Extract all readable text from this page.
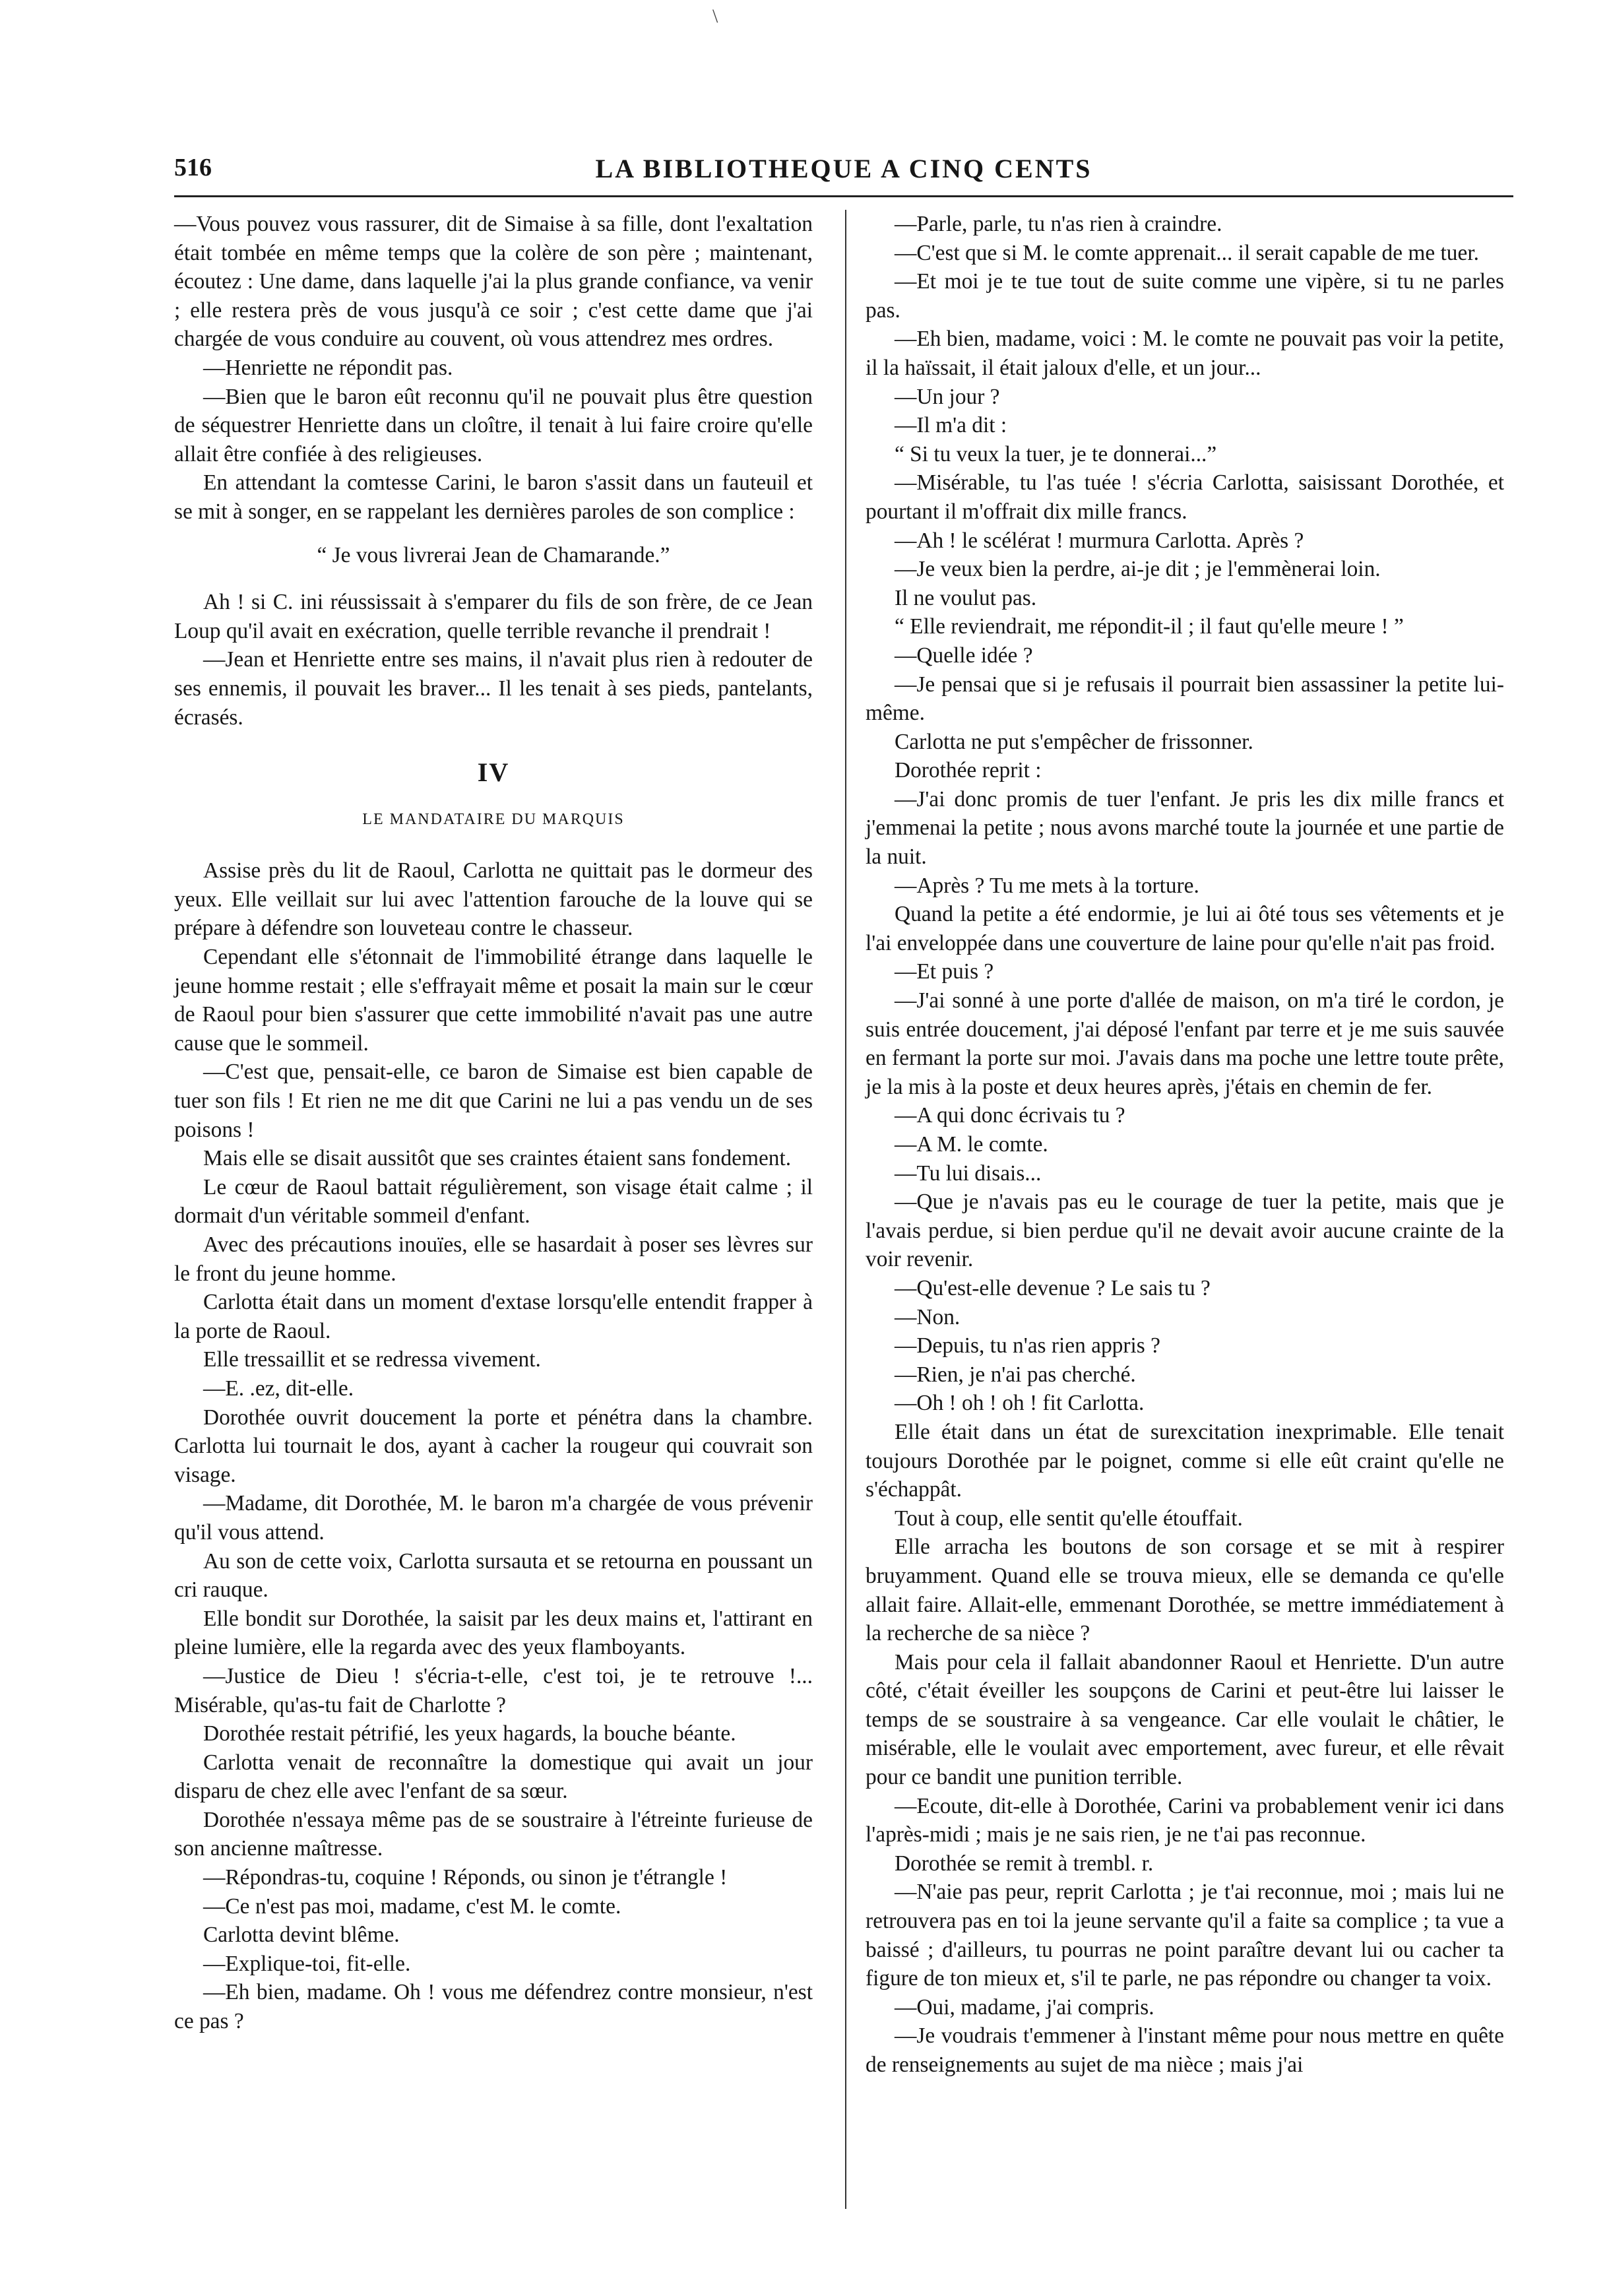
516	LA BIBLIOTHEQUE A CINQ CENTS

—Vous pouvez vous rassurer, dit de Simaise à sa fille, dont l'exaltation était tombée en même temps que la colère de son père ; maintenant, écoutez : Une dame, dans laquelle j'ai la plus grande confiance, va venir ; elle restera près de vous jusqu'à ce soir ; c'est cette dame que j'ai chargée de vous conduire au couvent, où vous attendrez mes ordres.

—Henriette ne répondit pas.

—Bien que le baron eût reconnu qu'il ne pouvait plus être question de séquestrer Henriette dans un cloître, il tenait à lui faire croire qu'elle allait être confiée à des religieuses.

En attendant la comtesse Carini, le baron s'assit dans un fauteuil et se mit à songer, en se rappelant les dernières paroles de son complice :

“ Je vous livrerai Jean de Chamarande.”

Ah ! si C. ini réussissait à s'emparer du fils de son frère, de ce Jean Loup qu'il avait en exécration, quelle terrible revanche il prendrait !

—Jean et Henriette entre ses mains, il n'avait plus rien à redouter de ses ennemis, il pouvait les braver... Il les tenait à ses pieds, pantelants, écrasés.

IV
LE MANDATAIRE DU MARQUIS

Assise près du lit de Raoul, Carlotta ne quittait pas le dormeur des yeux. Elle veillait sur lui avec l'attention farouche de la louve qui se prépare à défendre son louveteau contre le chasseur.

Cependant elle s'étonnait de l'immobilité étrange dans laquelle le jeune homme restait ; elle s'effrayait même et posait la main sur le cœur de Raoul pour bien s'assurer que cette immobilité n'avait pas une autre cause que le sommeil.

—C'est que, pensait-elle, ce baron de Simaise est bien capable de tuer son fils ! Et rien ne me dit que Carini ne lui a pas vendu un de ses poisons !

Mais elle se disait aussitôt que ses craintes étaient sans fondement.

Le cœur de Raoul battait régulièrement, son visage était calme ; il dormait d'un véritable sommeil d'enfant.

Avec des précautions inouïes, elle se hasardait à poser ses lèvres sur le front du jeune homme.

Carlotta était dans un moment d'extase lorsqu'elle entendit frapper à la porte de Raoul.

Elle tressaillit et se redressa vivement.

—E. .ez, dit-elle.

Dorothée ouvrit doucement la porte et pénétra dans la chambre. Carlotta lui tournait le dos, ayant à cacher la rougeur qui couvrait son visage.

—Madame, dit Dorothée, M. le baron m'a chargée de vous prévenir qu'il vous attend.

Au son de cette voix, Carlotta sursauta et se retourna en poussant un cri rauque.

Elle bondit sur Dorothée, la saisit par les deux mains et, l'attirant en pleine lumière, elle la regarda avec des yeux flamboyants.

—Justice de Dieu ! s'écria-t-elle, c'est toi, je te retrouve !... Misérable, qu'as-tu fait de Charlotte ?

Dorothée restait pétrifié, les yeux hagards, la bouche béante.

Carlotta venait de reconnaître la domestique qui avait un jour disparu de chez elle avec l'enfant de sa sœur.

Dorothée n'essaya même pas de se soustraire à l'étreinte furieuse de son ancienne maîtresse.

—Répondras-tu, coquine ! Réponds, ou sinon je t'étrangle !

—Ce n'est pas moi, madame, c'est M. le comte.

Carlotta devint blême.

—Explique-toi, fit-elle.

—Eh bien, madame. Oh ! vous me défendrez contre monsieur, n'est ce pas ?

—Parle, parle, tu n'as rien à craindre.

—C'est que si M. le comte apprenait... il serait capable de me tuer.

—Et moi je te tue tout de suite comme une vipère, si tu ne parles pas.

—Eh bien, madame, voici : M. le comte ne pouvait pas voir la petite, il la haïssait, il était jaloux d'elle, et un jour...

—Un jour ?

—Il m'a dit :

“ Si tu veux la tuer, je te donnerai...”

—Misérable, tu l'as tuée ! s'écria Carlotta, saisissant Dorothée, et pourtant il m'offrait dix mille francs.

—Ah ! le scélérat ! murmura Carlotta. Après ?

—Je veux bien la perdre, ai-je dit ; je l'emmènerai loin.

Il ne voulut pas.

“ Elle reviendrait, me répondit-il ; il faut qu'elle meure ! ”

—Quelle idée ?

—Je pensai que si je refusais il pourrait bien assassiner la petite lui-même.

Carlotta ne put s'empêcher de frissonner.

Dorothée reprit :

—J'ai donc promis de tuer l'enfant. Je pris les dix mille francs et j'emmenai la petite ; nous avons marché toute la journée et une partie de la nuit.

—Après ? Tu me mets à la torture.

Quand la petite a été endormie, je lui ai ôté tous ses vêtements et je l'ai enveloppée dans une couverture de laine pour qu'elle n'ait pas froid.

—Et puis ?

—J'ai sonné à une porte d'allée de maison, on m'a tiré le cordon, je suis entrée doucement, j'ai déposé l'enfant par terre et je me suis sauvée en fermant la porte sur moi. J'avais dans ma poche une lettre toute prête, je la mis à la poste et deux heures après, j'étais en chemin de fer.

—A qui donc écrivais tu ?

—A M. le comte.

—Tu lui disais...

—Que je n'avais pas eu le courage de tuer la petite, mais que je l'avais perdue, si bien perdue qu'il ne devait avoir aucune crainte de la voir revenir.

—Qu'est-elle devenue ? Le sais tu ?

—Non.

—Depuis, tu n'as rien appris ?

—Rien, je n'ai pas cherché.

—Oh ! oh ! oh ! fit Carlotta.

Elle était dans un état de surexcitation inexprimable. Elle tenait toujours Dorothée par le poignet, comme si elle eût craint qu'elle ne s'échappât.

Tout à coup, elle sentit qu'elle étouffait.

Elle arracha les boutons de son corsage et se mit à respirer bruyamment. Quand elle se trouva mieux, elle se demanda ce qu'elle allait faire. Allait-elle, emmenant Dorothée, se mettre immédiatement à la recherche de sa nièce ?

Mais pour cela il fallait abandonner Raoul et Henriette. D'un autre côté, c'était éveiller les soupçons de Carini et peut-être lui laisser le temps de se soustraire à sa vengeance. Car elle voulait le châtier, le misérable, elle le voulait avec emportement, avec fureur, et elle rêvait pour ce bandit une punition terrible.

—Ecoute, dit-elle à Dorothée, Carini va probablement venir ici dans l'après-midi ; mais je ne sais rien, je ne t'ai pas reconnue.

Dorothée se remit à trembl. r.

—N'aie pas peur, reprit Carlotta ; je t'ai reconnue, moi ; mais lui ne retrouvera pas en toi la jeune servante qu'il a faite sa complice ; ta vue a baissé ; d'ailleurs, tu pourras ne point paraître devant lui ou cacher ta figure de ton mieux et, s'il te parle, ne pas répondre ou changer ta voix.

—Oui, madame, j'ai compris.

—Je voudrais t'emmener à l'instant même pour nous mettre en quête de renseignements au sujet de ma nièce ; mais j'ai

\
